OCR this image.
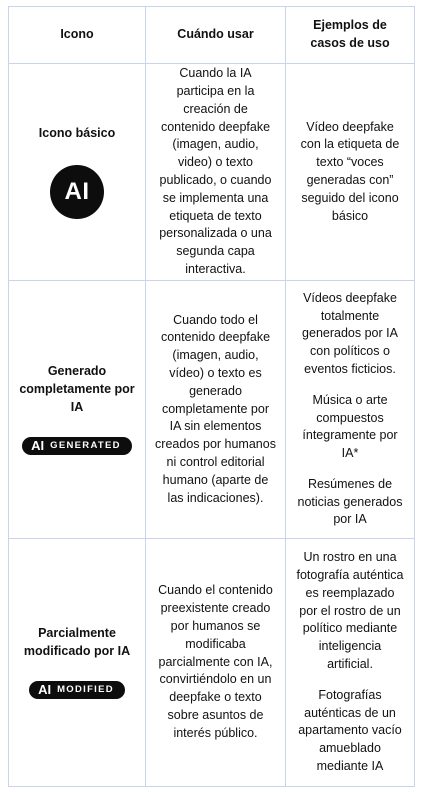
Icono	Cuándo usar	Ejemplos de casos de uso

Icono básico
AI	Cuando la IA participa en la creación de contenido deepfake (imagen, audio, video) o texto publicado, o cuando se implementa una etiqueta de texto personalizada o una segunda capa interactiva.	Vídeo deepfake con la etiqueta de texto “voces generadas con” seguido del icono básico

Generado completamente por IA
AI GENERATED	Cuando todo el contenido deepfake (imagen, audio, vídeo) o texto es generado completamente por IA sin elementos creados por humanos ni control editorial humano (aparte de las indicaciones).	Vídeos deepfake totalmente generados por IA con políticos o eventos ficticios.
Música o arte compuestos íntegramente por IA*
Resúmenes de noticias generados por IA

Parcialmente modificado por IA
AI MODIFIED	Cuando el contenido preexistente creado por humanos se modificaba parcialmente con IA, convirtiéndolo en un deepfake o texto sobre asuntos de interés público.	Un rostro en una fotografía auténtica es reemplazado por el rostro de un político mediante inteligencia artificial.
Fotografías auténticas de un apartamento vacío amueblado mediante IA
